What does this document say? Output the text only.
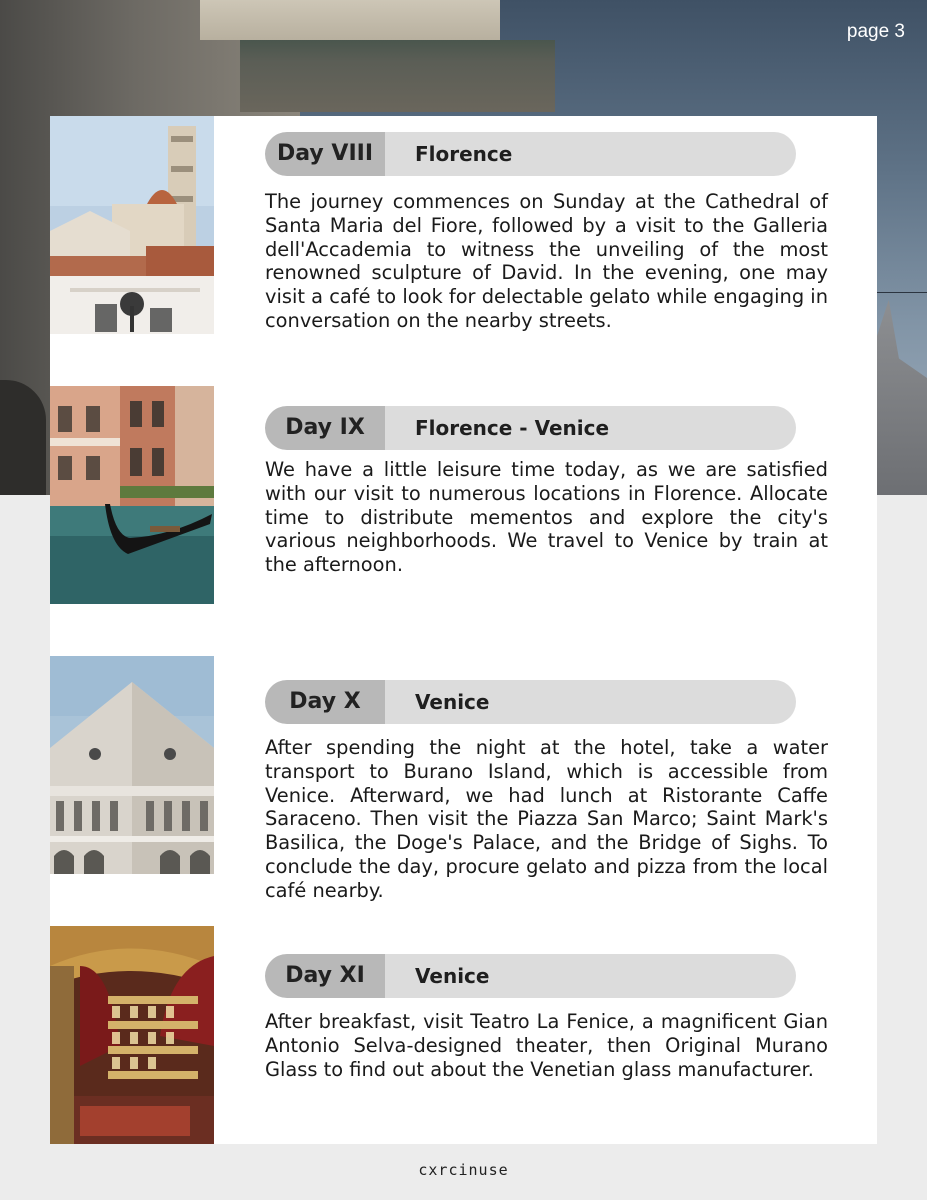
page 3
Day VIII	Florence

The journey commences on Sunday at the Cathedral of Santa Maria del Fiore, followed by a visit to the Galleria dell'Accademia to witness the unveiling of the most renowned sculpture of David. In the evening, one may visit a café to look for delectable gelato while engaging in conversation on the nearby streets.

Day IX	Florence - Venice

We have a little leisure time today, as we are satisfied with our visit to numerous locations in Florence. Allocate time to distribute mementos and explore the city's various neighborhoods. We travel to Venice by train at the afternoon.

Day X	Venice

After spending the night at the hotel, take a water transport to Burano Island, which is accessible from Venice. Afterward, we had lunch at Ristorante Caffe Saraceno. Then visit the Piazza San Marco; Saint Mark's Basilica, the Doge's Palace, and the Bridge of Sighs. To conclude the day, procure gelato and pizza from the local café nearby.

Day XI	Venice

After breakfast, visit Teatro La Fenice, a magnificent Gian Antonio Selva-designed theater, then Original Murano Glass to find out about the Venetian glass manufacturer.

cxrcinuse
